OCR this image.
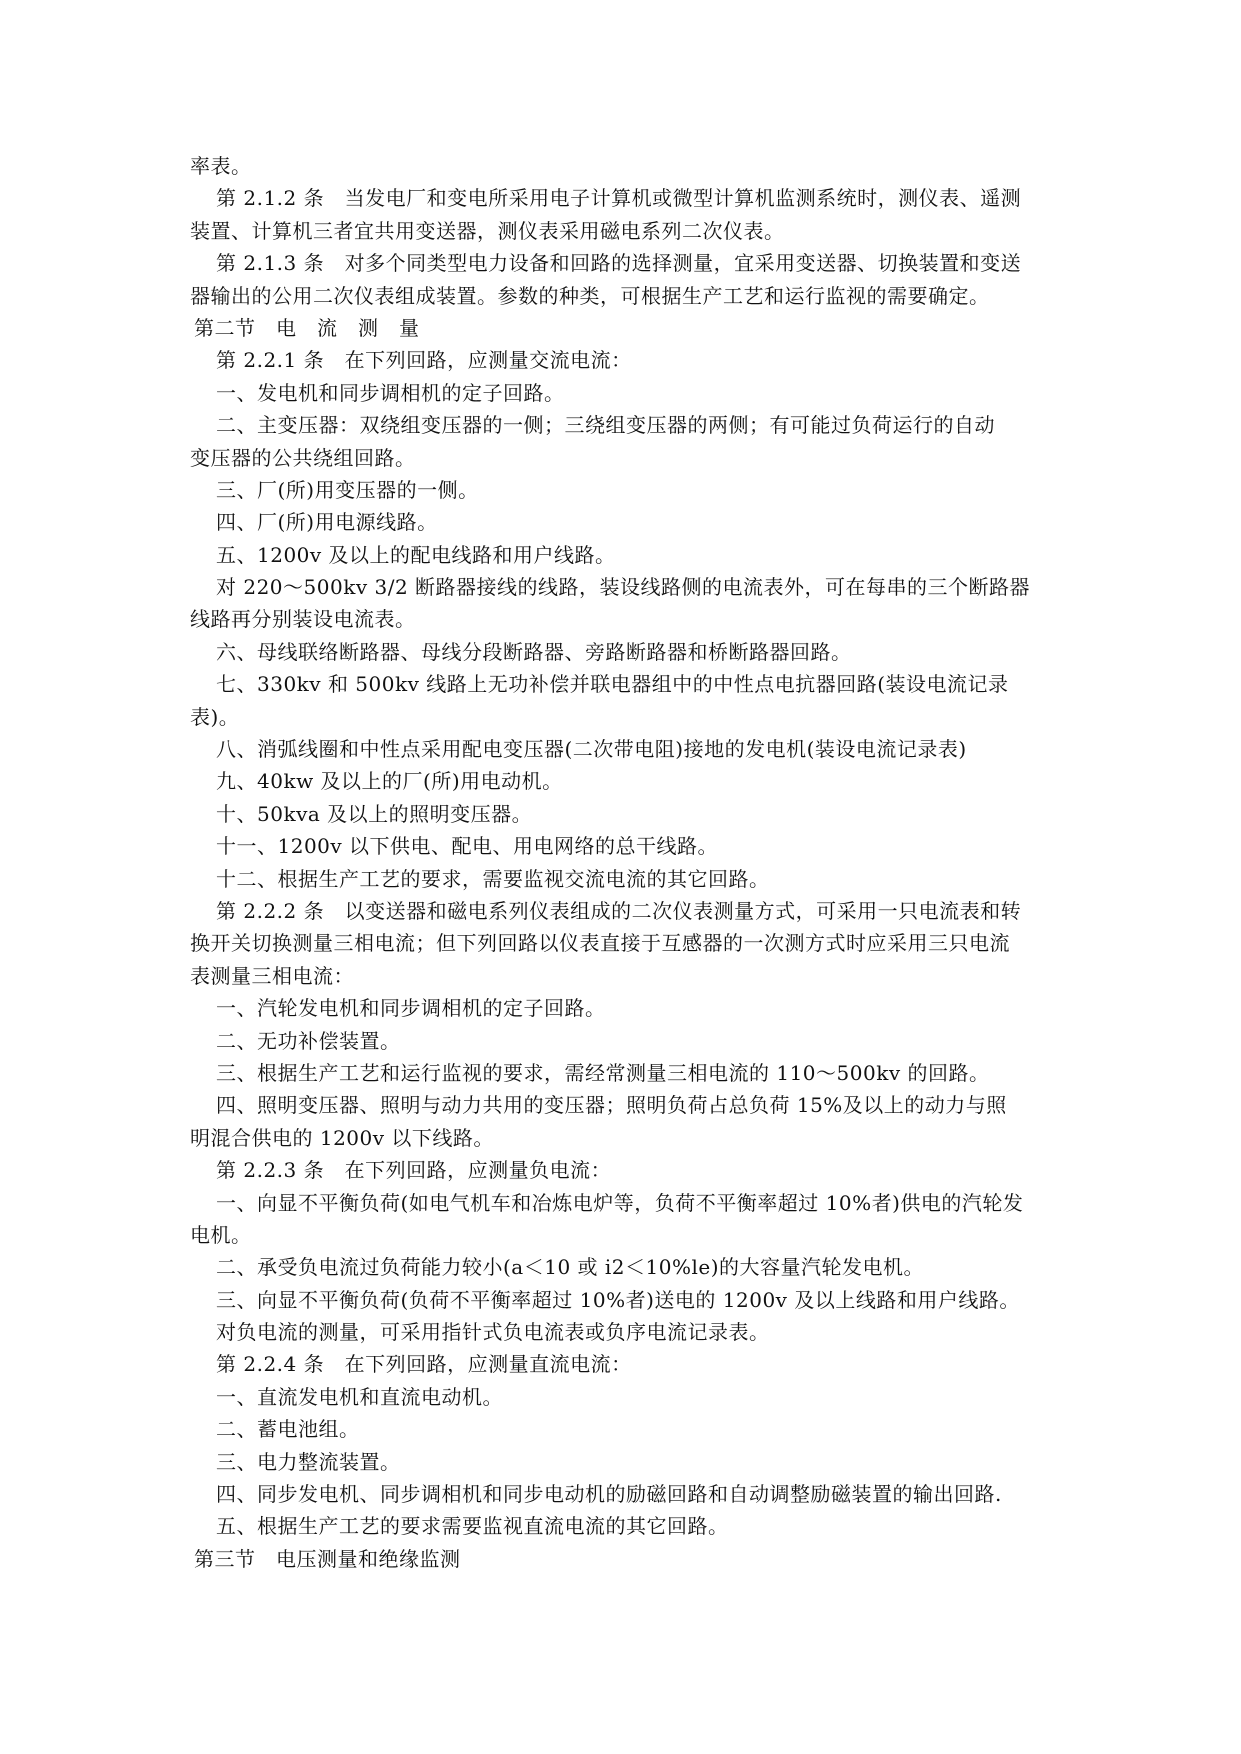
率表。
第 2.1.2 条　当发电厂和变电所采用电子计算机或微型计算机监测系统时，测仪表、遥测
装置、计算机三者宜共用变送器，测仪表采用磁电系列二次仪表。
第 2.1.3 条　对多个同类型电力设备和回路的选择测量，宜采用变送器、切换装置和变送
器输出的公用二次仪表组成装置。参数的种类，可根据生产工艺和运行监视的需要确定。
第二节　电　流　测　量
第 2.2.1 条　在下列回路，应测量交流电流：
一、发电机和同步调相机的定子回路。
二、主变压器：双绕组变压器的一侧；三绕组变压器的两侧；有可能过负荷运行的自动
变压器的公共绕组回路。
三、厂(所)用变压器的一侧。
四、厂(所)用电源线路。
五、1200v 及以上的配电线路和用户线路。
对 220～500kv 3/2 断路器接线的线路，装设线路侧的电流表外，可在每串的三个断路器
线路再分别装设电流表。
六、母线联络断路器、母线分段断路器、旁路断路器和桥断路器回路。
七、330kv 和 500kv 线路上无功补偿并联电器组中的中性点电抗器回路(装设电流记录
表)。
八、消弧线圈和中性点采用配电变压器(二次带电阻)接地的发电机(装设电流记录表)
九、40kw 及以上的厂(所)用电动机。
十、50kva 及以上的照明变压器。
十一、1200v 以下供电、配电、用电网络的总干线路。
十二、根据生产工艺的要求，需要监视交流电流的其它回路。
第 2.2.2 条　以变送器和磁电系列仪表组成的二次仪表测量方式，可采用一只电流表和转
换开关切换测量三相电流；但下列回路以仪表直接于互感器的一次测方式时应采用三只电流
表测量三相电流：
一、汽轮发电机和同步调相机的定子回路。
二、无功补偿装置。
三、根据生产工艺和运行监视的要求，需经常测量三相电流的 110～500kv 的回路。
四、照明变压器、照明与动力共用的变压器；照明负荷占总负荷 15%及以上的动力与照
明混合供电的 1200v 以下线路。
第 2.2.3 条　在下列回路，应测量负电流：
一、向显不平衡负荷(如电气机车和冶炼电炉等，负荷不平衡率超过 10%者)供电的汽轮发
电机。
二、承受负电流过负荷能力较小(a＜10 或 i2＜10%le)的大容量汽轮发电机。
三、向显不平衡负荷(负荷不平衡率超过 10%者)送电的 1200v 及以上线路和用户线路。
对负电流的测量，可采用指针式负电流表或负序电流记录表。
第 2.2.4 条　在下列回路，应测量直流电流：
一、直流发电机和直流电动机。
二、蓄电池组。
三、电力整流装置。
四、同步发电机、同步调相机和同步电动机的励磁回路和自动调整励磁装置的输出回路.
五、根据生产工艺的要求需要监视直流电流的其它回路。
第三节　电压测量和绝缘监测
